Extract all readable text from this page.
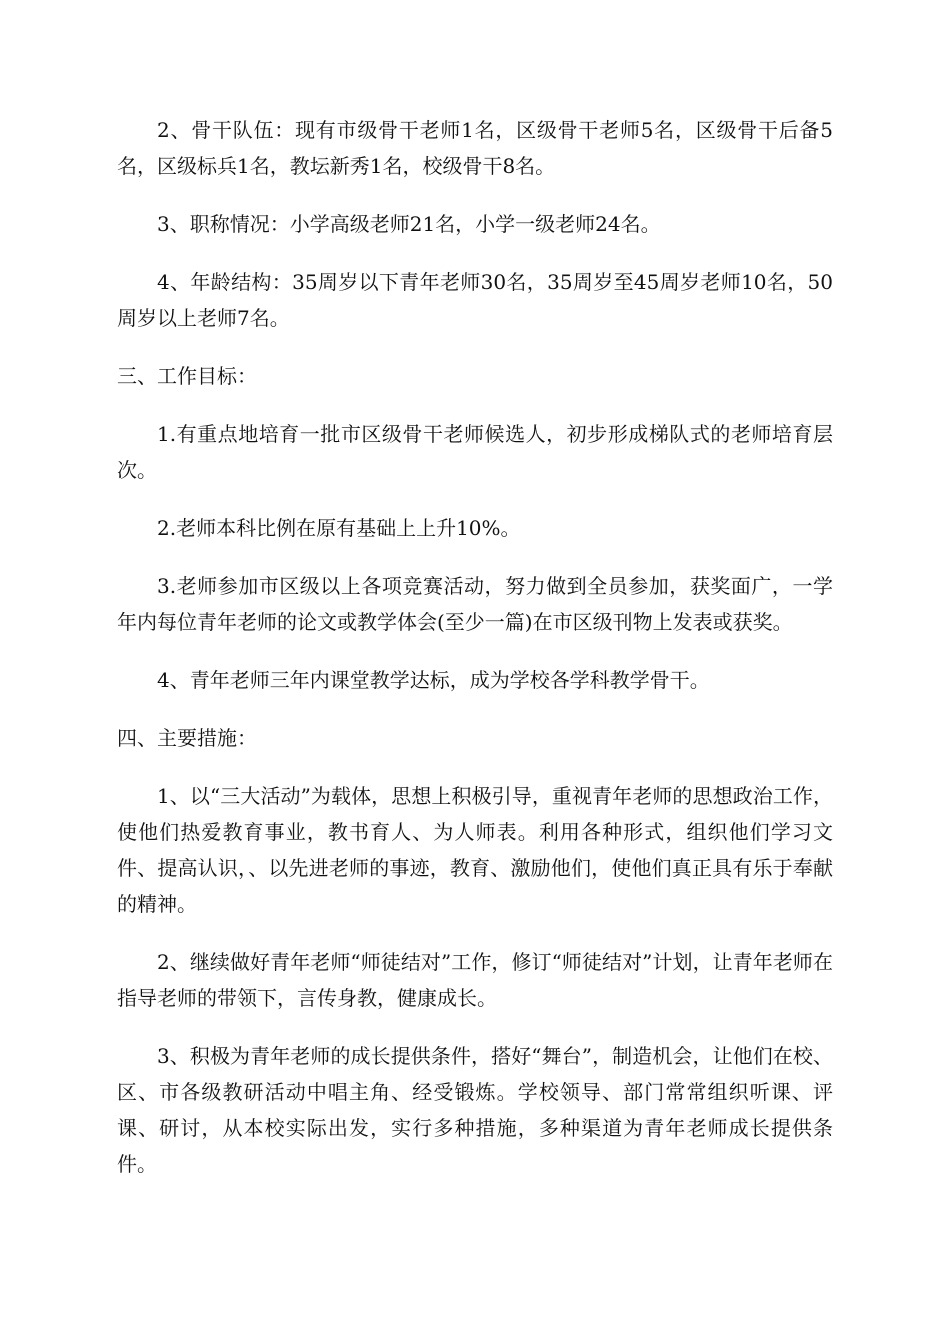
2、骨干队伍：现有市级骨干老师1名，区级骨干老师5名，区级骨干后备5名，区级标兵1名，教坛新秀1名，校级骨干8名。

3、职称情况：小学高级老师21名，小学一级老师24名。

4、年龄结构：35周岁以下青年老师30名，35周岁至45周岁老师10名，50周岁以上老师7名。

三、工作目标：

1.有重点地培育一批市区级骨干老师候选人，初步形成梯队式的老师培育层次。

2.老师本科比例在原有基础上上升10%。

3.老师参加市区级以上各项竞赛活动，努力做到全员参加，获奖面广，一学年内每位青年老师的论文或教学体会(至少一篇)在市区级刊物上发表或获奖。

4、青年老师三年内课堂教学达标，成为学校各学科教学骨干。

四、主要措施：

1、以“三大活动”为载体，思想上积极引导，重视青年老师的思想政治工作，使他们热爱教育事业，教书育人、为人师表。利用各种形式，组织他们学习文件、提高认识，、以先进老师的事迹，教育、激励他们，使他们真正具有乐于奉献的精神。

2、继续做好青年老师“师徒结对”工作，修订“师徒结对”计划，让青年老师在指导老师的带领下，言传身教，健康成长。

3、积极为青年老师的成长提供条件，搭好“舞台”，制造机会，让他们在校、区、市各级教研活动中唱主角、经受锻炼。学校领导、部门常常组织听课、评课、研讨，从本校实际出发，实行多种措施，多种渠道为青年老师成长提供条件。
